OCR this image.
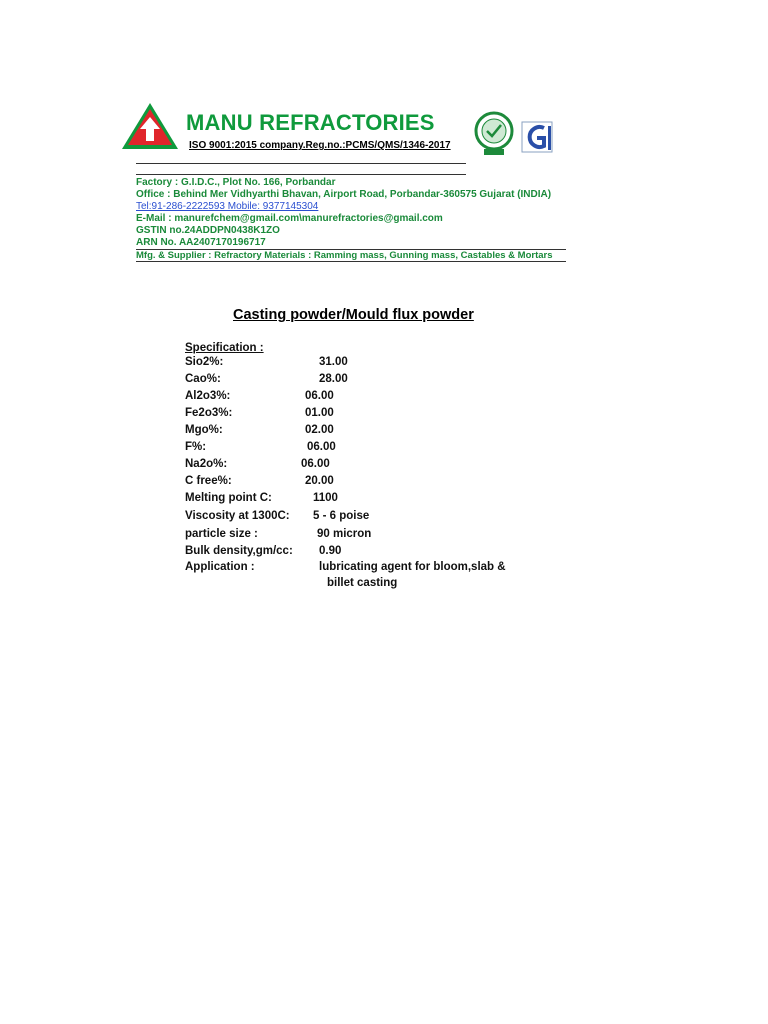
MANU REFRACTORIES
ISO 9001:2015 company.Reg.no.:PCMS/QMS/1346-2017
Factory : G.I.D.C., Plot No. 166, Porbandar
Office : Behind Mer Vidhyarthi Bhavan, Airport Road, Porbandar-360575 Gujarat (INDIA)
Tel:91-286-2222593 Mobile: 9377145304
E-Mail : manurefchem@gmail.com\manurefractories@gmail.com
GSTIN no.24ADDPN0438K1ZO
ARN No. AA2407170196717
Mfg. & Supplier : Refractory Materials : Ramming mass, Gunning mass, Castables & Mortars
Casting powder/Mould flux powder
Specification :
Sio2%:	31.00
Cao%:	28.00
Al2o3%:	06.00
Fe2o3%:	01.00
Mgo%:	02.00
F%:	06.00
Na2o%:	06.00
C free%:	20.00
Melting point C:	1100
Viscosity at 1300C: 5 - 6 poise
particle size :	90 micron
Bulk density,gm/cc: 0.90
Application :	lubricating agent for bloom,slab &
billet casting
